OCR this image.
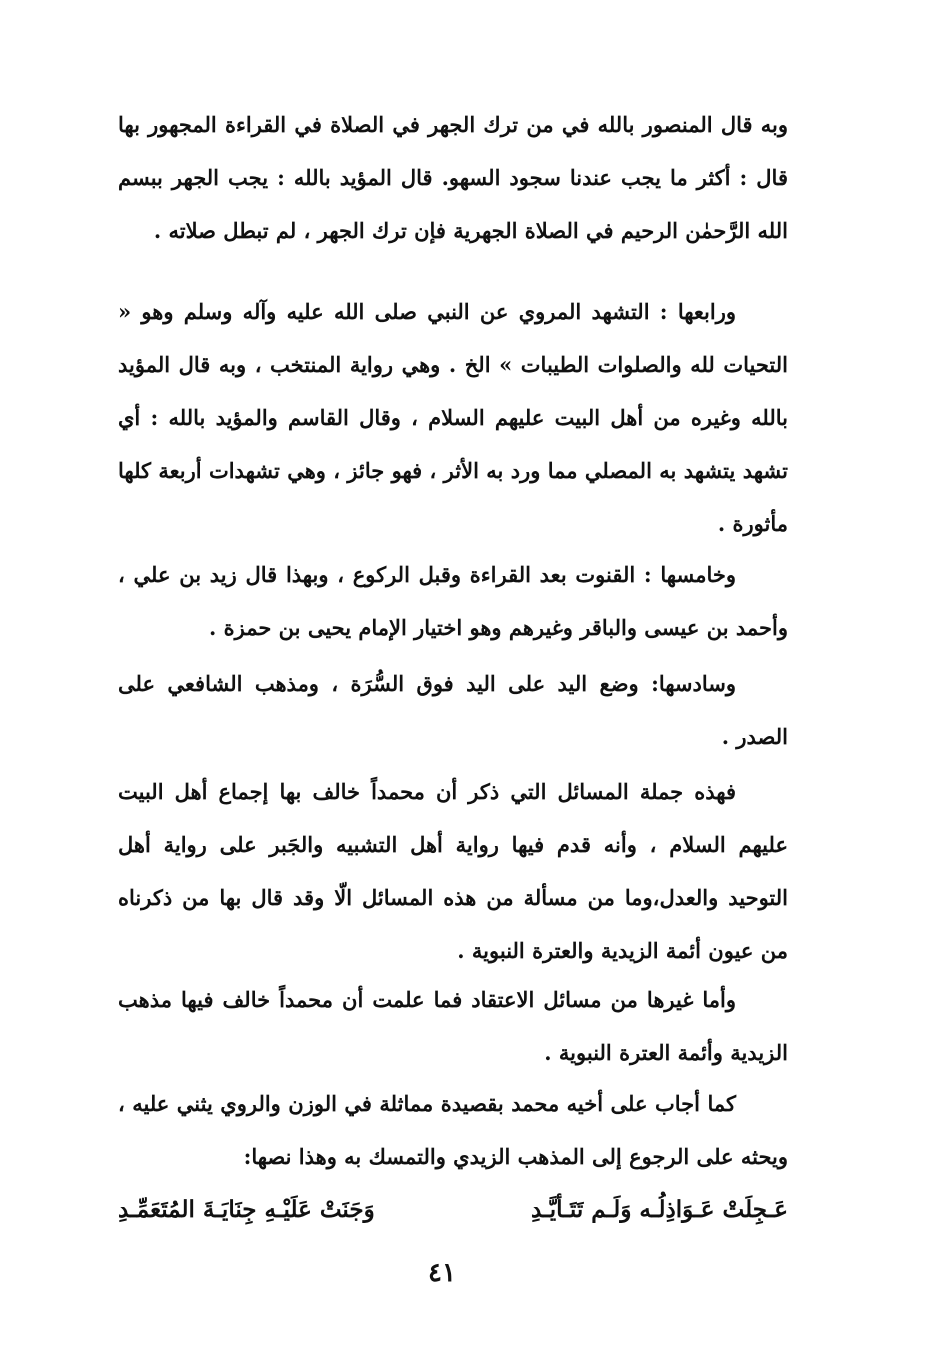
وبه قال المنصور بالله في من ترك الجهر في الصلاة في القراءة المجهور بها قال : أكثر ما يجب عندنا سجود السهو. قال المؤيد بالله : يجب الجهر ببسم الله الرَّحمٰن الرحيم في الصلاة الجهرية فإن ترك الجهر ، لم تبطل صلاته .

ورابعها : التشهد المروي عن النبي صلى الله عليه وآله وسلم وهو « التحيات لله والصلوات الطيبات » الخ . وهي رواية المنتخب ، وبه قال المؤيد بالله وغيره من أهل البيت عليهم السلام ، وقال القاسم والمؤيد بالله : أي تشهد يتشهد به المصلي مما ورد به الأثر ، فهو جائز ، وهي تشهدات أربعة كلها مأثورة .

وخامسها : القنوت بعد القراءة وقبل الركوع ، وبهذا قال زيد بن علي ، وأحمد بن عيسى والباقر وغيرهم وهو اختيار الإمام يحيى بن حمزة .

وسادسها: وضع اليد على اليد فوق السُّرَة ، ومذهب الشافعي على الصدر .

فهذه جملة المسائل التي ذكر أن محمداً خالف بها إجماع أهل البيت عليهم السلام ، وأنه قدم فيها رواية أهل التشبيه والجَبر على رواية أهل التوحيد والعدل،وما من مسألة من هذه المسائل الّا وقد قال بها من ذكرناه من عيون أئمة الزيدية والعترة النبوية .

وأما غيرها من مسائل الاعتقاد فما علمت أن محمداً خالف فيها مذهب الزيدية وأئمة العترة النبوية .

كما أجاب على أخيه محمد بقصيدة مماثلة في الوزن والروي يثني عليه ، ويحثه على الرجوع إلى المذهب الزيدي والتمسك به وهذا نصها:

عَـجِلَتْ عَـوَاذِلُـه وَلَـم تَتَـأيَّـدِ
وَجَنَتْ عَلَيْـهِ جِنَايَـةَ المُتَعَمِّـدِ
٤١
